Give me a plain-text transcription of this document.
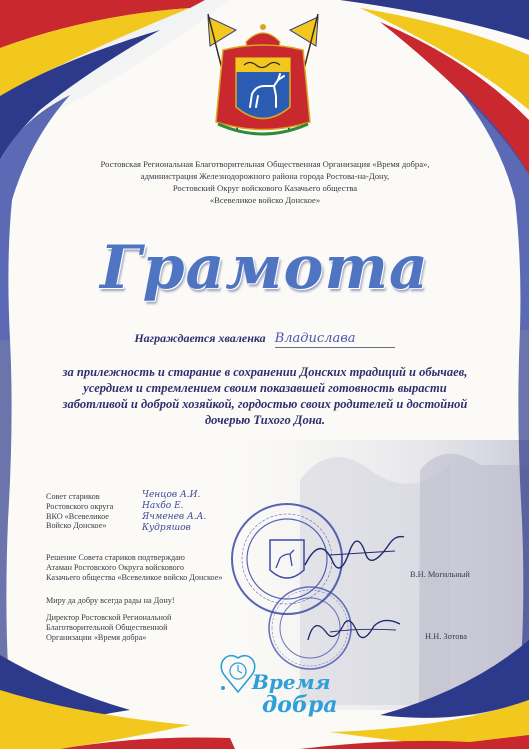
Ростовская Региональная Благотворительная Общественная Организация «Время добра»,
администрация Железнодорожного района города Ростова-на-Дону,
Ростовский Округ войскового Казачьего общества
«Всевеликое войско Донское»
Грамота
Награждается хваленка Владислава
за прилежность и старание в сохранении Донских традиций и обычаев,
усердием и стремлением своим показавшей готовность вырасти
заботливой и доброй хозяйкой, гордостью своих родителей и достойной
дочерью Тихого Дона.
Совет стариков
Ростовского округа
ВКО «Всевеликое
Войско Донское»
Ченцов А.И.
Нахбо Е.
Ячменев А.А.
Кудряшов
Решение Совета стариков подтверждаю
Атаман Ростовского Округа войскового
Казачьего общества «Всевеликое войско Донское»	В.Н. Могильный
Миру да добру всегда рады на Дону!
Директор Ростовской Региональной
Благотворительной Общественной
Организации «Время добра»	Н.Н. Зотова
Время
добра
